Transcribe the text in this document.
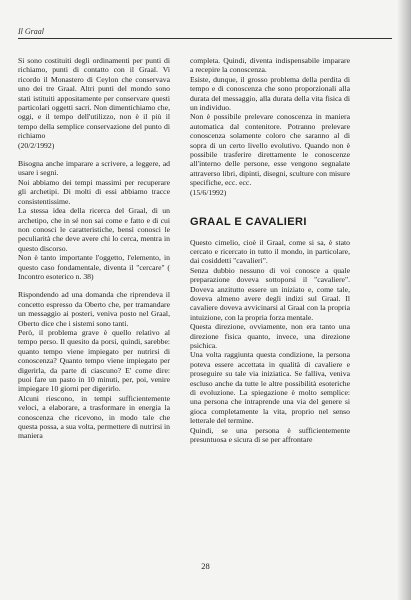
Il Graal

Si sono costituiti degli ordinamenti per punti di richiamo, punti di contatto con il Graal. Vi ricordo il Monastero di Ceylon che conservava uno dei tre Graal. Altri punti del mondo sono stati istituiti appositamente per conservare questi particolari oggetti sacri. Non dimentichiamo che, oggi, e il tempo dell'utilizzo, non è il più il tempo della semplice conservazione del punto di richiamo

(20/2/1992)

Bisogna anche imparare a scrivere, a leggere, ad usare i segni.

Noi abbiamo dei tempi massimi per recuperare gli archetipi. Di molti di essi abbiamo tracce consistentissime.

La stessa idea della ricerca del Graal, di un archetipo, che in sé non sai come e fatto e di cui non conosci le caratteristiche, bensì conosci le peculiarità che deve avere chi lo cerca, mentra in questo discorso.

Non è tanto importante l'oggetto, l'elemento, in questo caso fondamentale, diventa il "cercare" ( Incontro esoterico n. 38)

Rispondendo ad una domanda che riprendeva il concetto espresso da Oberto che, per tramandare un messaggio ai posteri, veniva posto nel Graal, Oberto dice che i sistemi sono tanti.

Però, il problema grave è quello relativo al tempo perso. Il quesito da porsi, quindi, sarebbe: quanto tempo viene impiegato per nutrirsi di conoscenza? Quanto tempo viene impiegato per digerirla, da parte di ciascuno? E' come dire: puoi fare un pasto in 10 minuti, per, poi, venire impiegare 10 giorni per digerirlo.

Alcuni riescono, in tempi sufficientemente veloci, a elaborare, a trasformare in energia la conoscenza che ricevono, in modo tale che questa possa, a sua volta, permettere di nutrirsi in maniera

completa. Quindi, diventa indispensabile imparare a recepire la conoscenza.

Esiste, dunque, il grosso problema della perdita di tempo e di conoscenza che sono proporzionali alla durata del messaggio, alla durata della vita fisica di un individuo.

Non è possibile prelevare conoscenza in maniera automatica dal contenitore. Potranno prelevare conoscenza solamente coloro che saranno al di sopra di un certo livello evolutivo. Quando non è possibile trasferire direttamente le conoscenze all'interno delle persone, esse vengono segnalate attraverso libri, dipinti, disegni, sculture con misure specifiche, ecc. ecc.

(15/6/1992)

GRAAL E CAVALIERI

Questo cimelio, cioè il Graal, come si sa, è stato cercato e ricercato in tutto il mondo, in particolare, dai cosiddetti "cavalieri".

Senza dubbio nessuno di voi conosce a quale preparazione doveva sottoporsi il "cavaliere". Doveva anzitutto essere un iniziato e, come tale, doveva almeno avere degli indizi sul Graal. Il cavaliere doveva avvicinarsi al Graal con la propria intuizione, con la propria forza mentale.

Questa direzione, ovviamente, non era tanto una direzione fisica quanto, invece, una direzione psichica.

Una volta raggiunta questa condizione, la persona poteva essere accettata in qualità di cavaliere e proseguire su tale via iniziatica. Se falliva, veniva escluso anche da tutte le altre possibilità esoteriche di evoluzione. La spiegazione è molto semplice: una persona che intraprende una via del genere si gioca completamente la vita, proprio nel senso letterale del termine.

Quindi, se una persona è sufficientemente presuntuosa e sicura di se per affrontare

28
